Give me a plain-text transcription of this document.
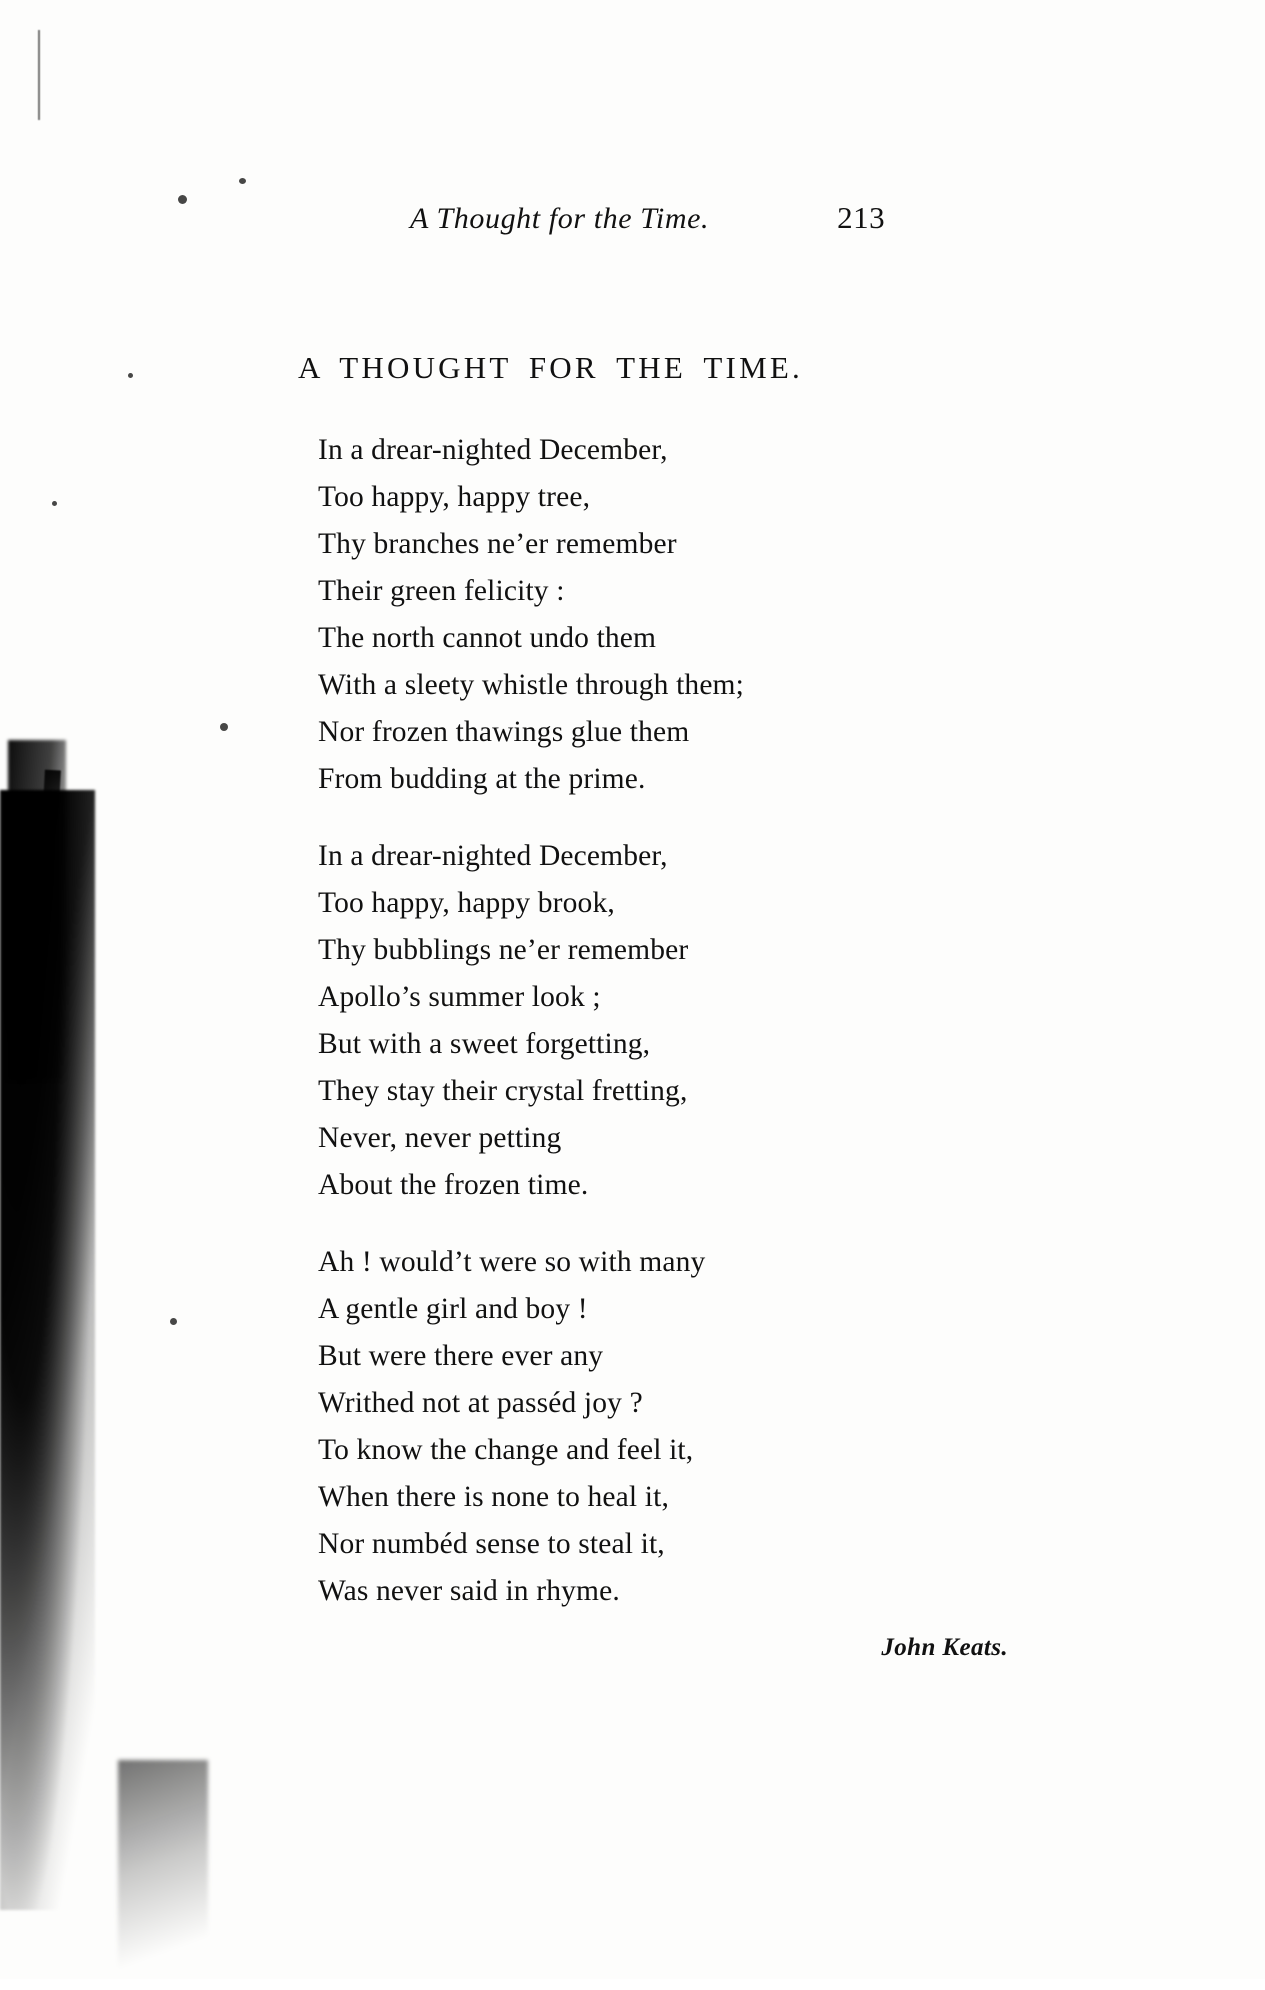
A Thought for the Time.	213
A THOUGHT FOR THE TIME.
In a drear-nighted December,
Too happy, happy tree,
Thy branches ne’er remember
Their green felicity :
The north cannot undo them
With a sleety whistle through them;
Nor frozen thawings glue them
From budding at the prime.
In a drear-nighted December,
Too happy, happy brook,
Thy bubblings ne’er remember
Apollo’s summer look ;
But with a sweet forgetting,
They stay their crystal fretting,
Never, never petting
About the frozen time.
Ah ! would’t were so with many
A gentle girl and boy !
But were there ever any
Writhed not at passéd joy ?
To know the change and feel it,
When there is none to heal it,
Nor numbéd sense to steal it,
Was never said in rhyme.
John Keats.
